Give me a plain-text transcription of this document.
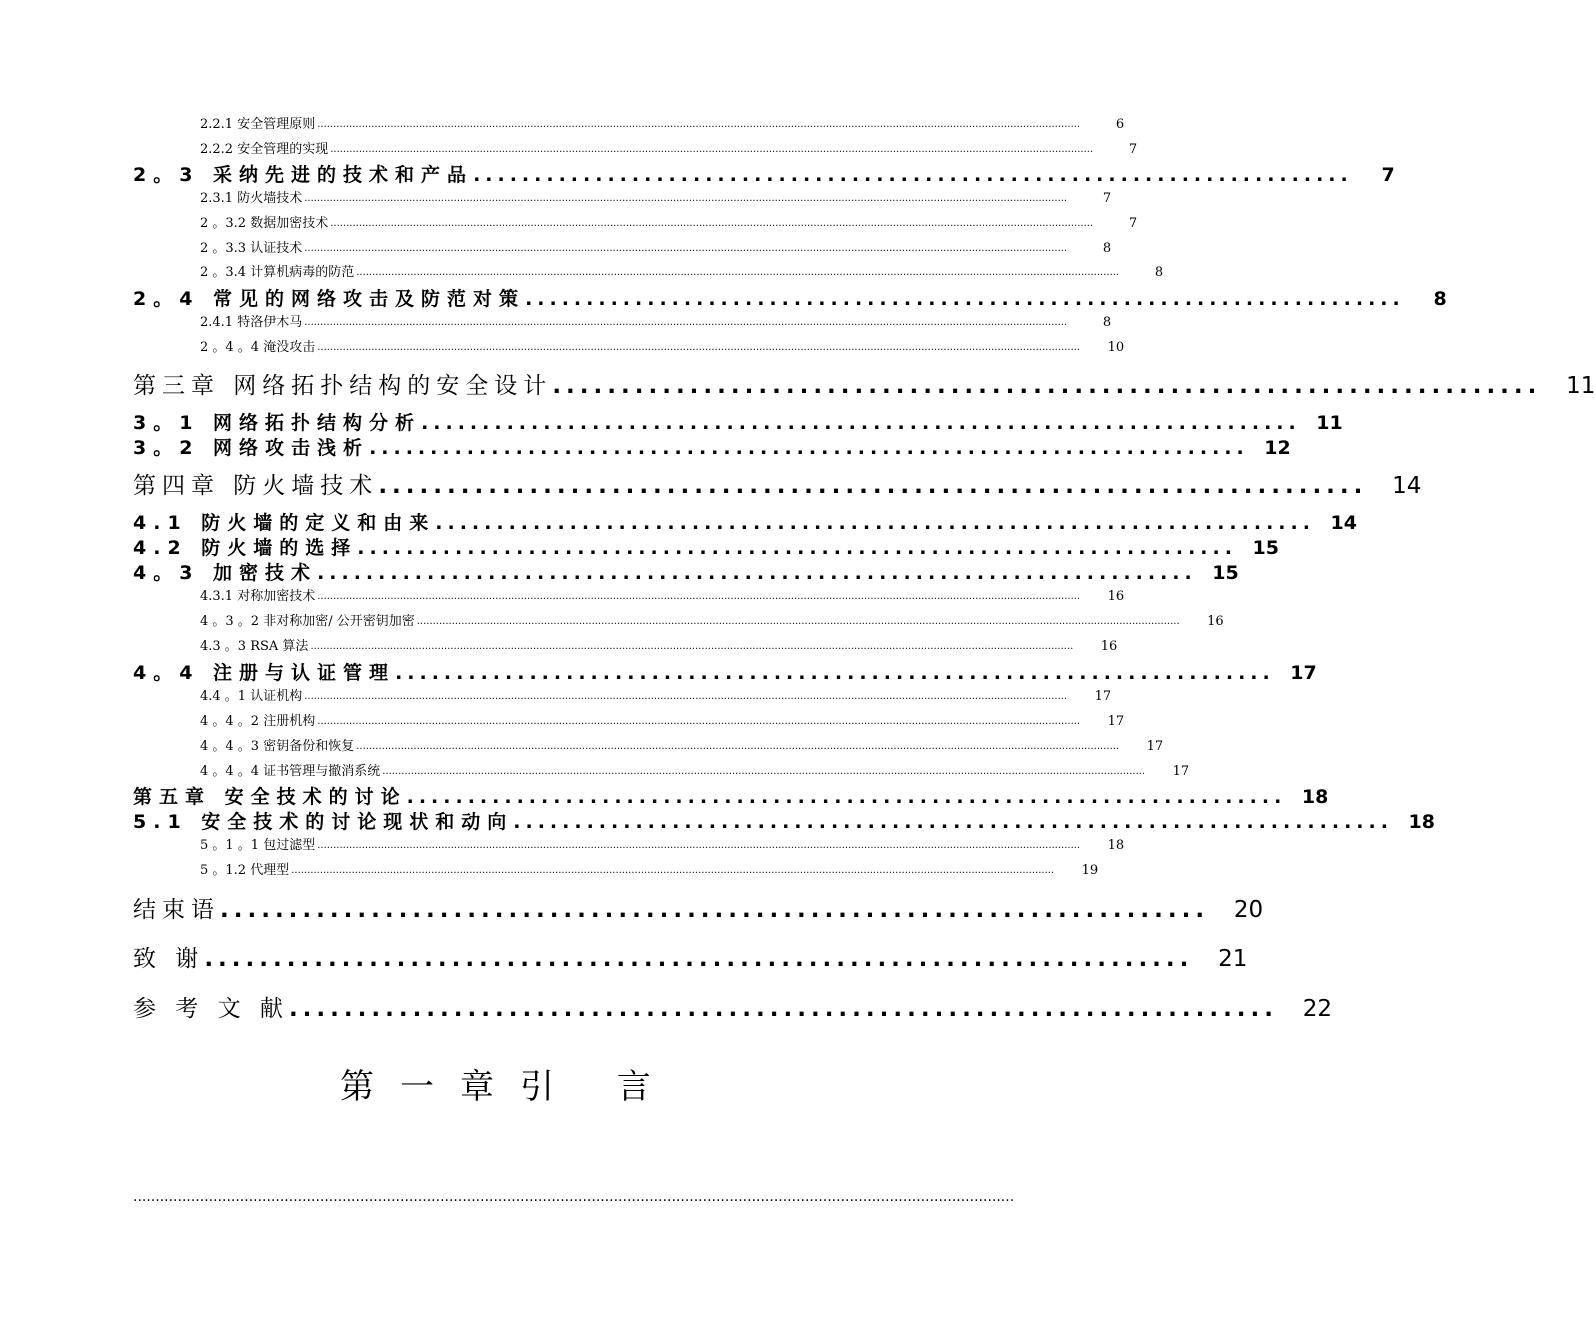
2.2.1 安全管理原则 ................................................................................................................................................................................................................................................	6
2.2.2 安全管理的实现 ................................................................................................................................................................................................................................................	7
2。3 采纳先进的技术和产品 ........................................................................	7
2.3.1 防火墙技术 ................................................................................................................................................................................................................................................	7
2 。3.2 数据加密技术 ................................................................................................................................................................................................................................................	7
2 。3.3 认证技术 ................................................................................................................................................................................................................................................	8
2 。3.4 计算机病毒的防范 ................................................................................................................................................................................................................................................	8
2。4 常见的网络攻击及防范对策 ........................................................................	8
2.4.1 特洛伊木马 ................................................................................................................................................................................................................................................	8
2 。4 。4 淹没攻击 ................................................................................................................................................................................................................................................	10
第三章 网络拓扑结构的安全设计 ........................................................................	11
3。1 网络拓扑结构分析 ........................................................................ 11
3。2 网络攻击浅析 ........................................................................ 12
第四章 防火墙技术 ........................................................................	14
4.1 防火墙的定义和由来 ........................................................................ 14
4.2 防火墙的选择 ........................................................................ 15
4。3 加密技术 ........................................................................ 15
4.3.1 对称加密技术 ................................................................................................................................................................................................................................................	16
4 。3 。2 非对称加密/ 公开密钥加密 ................................................................................................................................................................................................................................................	16
4.3 。3 RSA 算法 ................................................................................................................................................................................................................................................	16
4。4 注册与认证管理 ........................................................................ 17
4.4 。1 认证机构 ................................................................................................................................................................................................................................................	17
4 。4 。2 注册机构 ................................................................................................................................................................................................................................................	17
4 。4 。3 密钥备份和恢复 ................................................................................................................................................................................................................................................	17
4 。4 。4 证书管理与撤消系统 ................................................................................................................................................................................................................................................	17
第五章 安全技术的讨论 ........................................................................ 18
5.1 安全技术的讨论现状和动向 ........................................................................ 18
5 。1 。1 包过滤型 ................................................................................................................................................................................................................................................	18
5 。1.2 代理型 ................................................................................................................................................................................................................................................	19
结束语 ........................................................................	20
致 谢 ........................................................................	21
参 考 文 献 ........................................................................	22
第一章引 言
......................................................................................................................................................................................................
